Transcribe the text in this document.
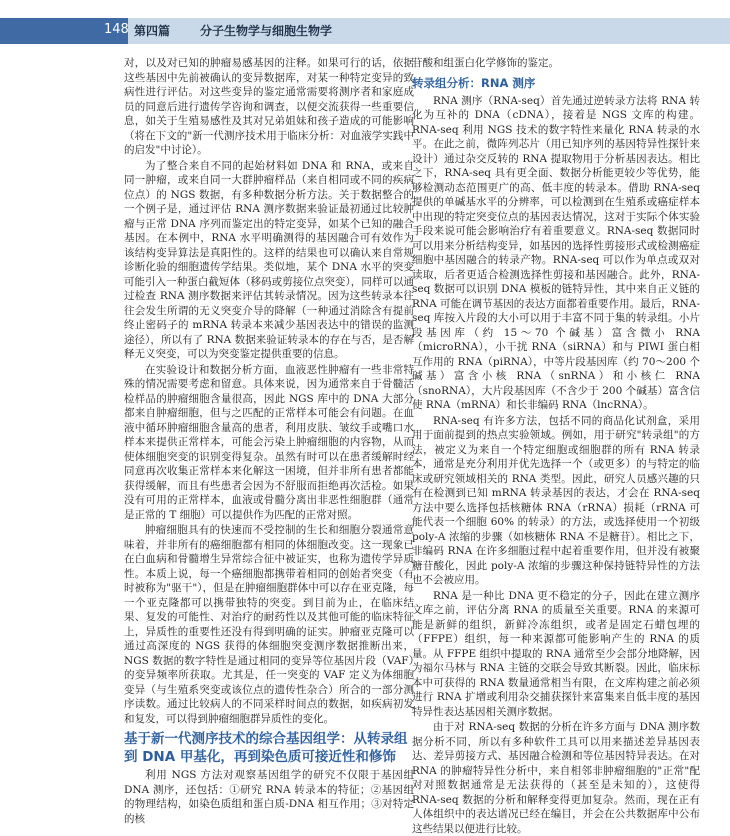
148 第四篇 分子生物学与细胞生物学

对，以及对已知的肿瘤易感基因的注释。如果可行的话，依据这些基因中先前被确认的变异数据库，对某一种特定变异的致病性进行评估。对这些变异的鉴定通常需要将测序者和家庭成员的同意后进行遗传学咨询和调查，以便交流获得一些重要信息，如关于生殖易感性及其对兄弟姐妹和孩子造成的可能影响（将在下文的"新一代测序技术用于临床分析：对血液学实践中的启发"中讨论）。

为了整合来自不同的起始材料如 DNA 和 RNA，或来自同一肿瘤，或来自同一大群肿瘤样品（来自相同或不同的疾病位点）的 NGS 数据，有多种数据分析方法。关于数据整合的一个例子是，通过评估 RNA 测序数据来验证最初通过比较肿瘤与正常 DNA 序列而鉴定出的特定变异，如某个已知的融合基因。在本例中，RNA 水平明确测得的基因融合可有效作为该结构变异算法是真阳性的。这样的结果也可以确认来自常规诊断化验的细胞遗传学结果。类似地，某个 DNA 水平的突变可能引入一种蛋白截短体（移码或剪接位点突变），同样可以通过检查 RNA 测序数据来评估其转录情况。因为这些转录本往往会发生所谓的无义突变介导的降解（一种通过消除含有提前终止密码子的 mRNA 转录本来减少基因表达中的错误的监测途径），所以有了 RNA 数据来验证转录本的存在与否，是否解释无义突变，可以为突变鉴定提供重要的信息。

在实验设计和数据分析方面，血液恶性肿瘤有一些非常特殊的情况需要考虑和留意。具体来说，因为通常来自于骨髓活检样品的肿瘤细胞含量很高，因此 NGS 库中的 DNA 大部分都来自肿瘤细胞，但与之匹配的正常样本可能会有问题。在血液中循环肿瘤细胞含量高的患者，利用皮肤、皱纹手或嘴口水样本来提供正常样本，可能会污染上肿瘤细胞的内容物，从而使体细胞突变的识别变得复杂。虽然有时可以在患者缓解时经同意再次收集正常样本来化解这一困境，但并非所有患者都能获得缓解，而且有些患者会因为不舒服而拒绝再次活检。如果没有可用的正常样本，血液或骨髓分离出非恶性细胞群（通常是正常的 T 细胞）可以提供作为匹配的正常对照。

肿瘤细胞具有的快速而不受控制的生长和细胞分裂通常意味着，并非所有的癌细胞都有相同的体细胞改变。这一现象已在白血病和骨髓增生异常综合征中被证实，也称为遗传学异质性。本质上说，每一个癌细胞都携带着相同的创始者突变（有时被称为"驱干"），但是在肿瘤细胞群体中可以存在亚克隆，每一个亚克隆都可以携带独特的突变。到目前为止，在临床结果、复发的可能性、对治疗的耐药性以及其他可能的临床特征上，异质性的重要性还没有得到明确的证实。肿瘤亚克隆可以通过高深度的 NGS 获得的体细胞突变测序数据推断出来，NGS 数据的数字特性是通过相同的变异等位基因片段（VAF）的变异频率所获取。尤其是，任一突变的 VAF 定义为体细胞变异（与生殖系突变或该位点的遗传性杂合）所合的一部分测序读数。通过比较病人的不同采样时间点的数据，如疾病初发和复发，可以得到肿瘤细胞群异质性的变化。

基于新一代测序技术的综合基因组学：从转录组到 DNA 甲基化，再到染色质可接近性和修饰

利用 NGS 方法对观察基因组学的研究不仅限于基因组 DNA 测序，还包括：①研究 RNA 转录本的特征；②基因组的物理结构，如染色质组和蛋白质-DNA 相互作用；③对特定的核

苷酸和组蛋白化学修饰的鉴定。

转录组分析：RNA 测序

RNA 测序（RNA-seq）首先通过逆转录方法将 RNA 转化为互补的 DNA（cDNA），接着是 NGS 文库的构建。RNA-seq 利用 NGS 技术的数字特性来量化 RNA 转录的水平。在此之前，微阵列芯片（用已知序列的基因特异性探针来设计）通过杂交反转的 RNA 提取物用于分析基因表达。相比之下，RNA-seq 具有更全面、数据分析能更较少等优势，能够检测动态范围更广的高、低丰度的转录本。借助 RNA-seq 提供的单碱基水平的分辨率，可以检测到在生殖系或癌症样本中出现的特定突变位点的基因表达情况，这对于实际个体实验手段来说可能会影响治疗有着重要意义。RNA-seq 数据同时可以用来分析结构变异，如基因的选择性剪接形式或检测癌症细胞中基因融合的转录产物。RNA-seq 可以作为单点或双对读取，后者更适合检测选择性剪接和基因融合。此外，RNA-seq 数据可以识别 DNA 模板的链特异性，其中来自正义链的 RNA 可能在调节基因的表达方面都着重要作用。最后，RNA-seq 库按入片段的大小可以用于丰富不同于集的转录组。小片段基因库（约 15～70 个碱基）富含微小 RNA（microRNA），小干扰 RNA（siRNA）和与 PIWI 蛋白相互作用的 RNA（piRNA），中等片段基因库（约 70～200 个碱基）富含小核 RNA（snRNA）和小核仁 RNA（snoRNA），大片段基因库（不含少于 200 个碱基）富含信使 RNA（mRNA）和长非编码 RNA（lncRNA）。

RNA-seq 有许多方法，包括不同的商品化试剂盒，采用用于面前提到的热点实验领域。例如，用于研究"转录组"的方法，被定义为来自一个特定细胞或细胞群的所有 RNA 转录本，通常是充分利用并优先选择一个（或更多）的与特定的临床或研究领域相关的 RNA 类型。因此，研究人员感兴趣的只有在检测到已知 mRNA 转录基因的表达，才会在 RNA-seq 方法中要么选择包括核糖体 RNA（rRNA）损耗（rRNA 可能代表一个细胞 60% 的转录）的方法，或选择使用一个初级 poly-A 浓缩的步骤（如核糖体 RNA 不是糖苷）。相比之下，非编码 RNA 在许多细胞过程中起着重要作用，但并没有被聚糖苷酸化，因此 poly-A 浓缩的步骤这种保持链特异性的方法也不会被应用。

RNA 是一种比 DNA 更不稳定的分子，因此在建立测序文库之前，评估分离 RNA 的质量至关重要。RNA 的来源可能是新鲜的组织，新鲜冷冻组织，或者是固定石蜡包埋的（FFPE）组织，每一种来源都可能影响产生的 RNA 的质量。从 FFPE 组织中提取的 RNA 通常至少会部分地降解，因为福尔马林与 RNA 主链的交联会导致其断裂。因此，临床标本中可获得的 RNA 数量通常相当有限，在文库构建之前必须进行 RNA 扩增或利用杂交捕获探针来富集来自低丰度的基因特异性表达基因相关测序数据。

由于对 RNA-seq 数据的分析在许多方面与 DNA 测序数据分析不同，所以有多种软件工具可以用来描述差异基因表达、差异剪接方式、基因融合检测和等位基因特异表达。在对 RNA 的肿瘤特异性分析中，来自相邻非肿瘤细胞的"正常"配对对照数据通常是无法获得的（甚至是未知的），这使得 RNA-seq 数据的分析和解释变得更加复杂。然而，现在正有人体组织中的表达谱况已经在编目，并会在公共数据库中公布这些结果以便进行比较。
